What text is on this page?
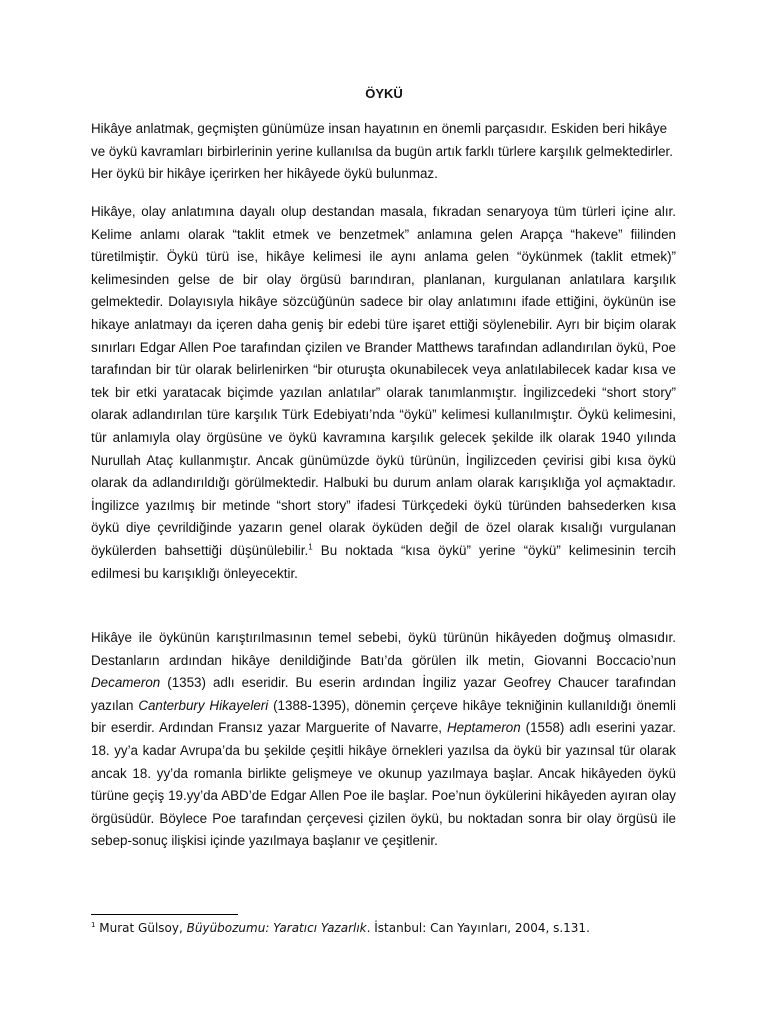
ÖYKÜ

Hikâye anlatmak, geçmişten günümüze insan hayatının en önemli parçasıdır. Eskiden beri hikâye ve öykü kavramları birbirlerinin yerine kullanılsa da bugün artık farklı türlere karşılık gelmektedirler. Her öykü bir hikâye içerirken her hikâyede öykü bulunmaz.

Hikâye, olay anlatımına dayalı olup destandan masala, fıkradan senaryoya tüm türleri içine alır. Kelime anlamı olarak “taklit etmek ve benzetmek” anlamına gelen Arapça “hakeve” fiilinden türetilmiştir. Öykü türü ise, hikâye kelimesi ile aynı anlama gelen “öykünmek (taklit etmek)” kelimesinden gelse de bir olay örgüsü barındıran, planlanan, kurgulanan anlatılara karşılık gelmektedir. Dolayısıyla hikâye sözcüğünün sadece bir olay anlatımını ifade ettiğini, öykünün ise hikaye anlatmayı da içeren daha geniş bir edebi türe işaret ettiği söylenebilir. Ayrı bir biçim olarak sınırları Edgar Allen Poe tarafından çizilen ve Brander Matthews tarafından adlandırılan öykü, Poe tarafından bir tür olarak belirlenirken “bir oturuşta okunabilecek veya anlatılabilecek kadar kısa ve tek bir etki yaratacak biçimde yazılan anlatılar” olarak tanımlanmıştır. İngilizcedeki “short story” olarak adlandırılan türe karşılık Türk Edebiyatı’nda “öykü” kelimesi kullanılmıştır. Öykü kelimesini, tür anlamıyla olay örgüsüne ve öykü kavramına karşılık gelecek şekilde ilk olarak 1940 yılında Nurullah Ataç kullanmıştır. Ancak günümüzde öykü türünün, İngilizceden çevirisi gibi kısa öykü olarak da adlandırıldığı görülmektedir. Halbuki bu durum anlam olarak karışıklığa yol açmaktadır. İngilizce yazılmış bir metinde “short story” ifadesi Türkçedeki öykü türünden bahsederken kısa öykü diye çevrildiğinde yazarın genel olarak öyküden değil de özel olarak kısalığı vurgulanan öykülerden bahsettiği düşünülebilir.$^1$ Bu noktada “kısa öykü” yerine “öykü” kelimesinin tercih edilmesi bu karışıklığı önleyecektir.

Hikâye ile öykünün karıştırılmasının temel sebebi, öykü türünün hikâyeden doğmuş olmasıdır. Destanların ardından hikâye denildiğinde Batı’da görülen ilk metin, Giovanni Boccacio’nun Decameron (1353) adlı eseridir. Bu eserin ardından İngiliz yazar Geofrey Chaucer tarafından yazılan Canterbury Hikayeleri (1388-1395), dönemin çerçeve hikâye tekniğinin kullanıldığı önemli bir eserdir. Ardından Fransız yazar Marguerite of Navarre, Heptameron (1558) adlı eserini yazar. 18. yy’a kadar Avrupa’da bu şekilde çeşitli hikâye örnekleri yazılsa da öykü bir yazınsal tür olarak ancak 18. yy’da romanla birlikte gelişmeye ve okunup yazılmaya başlar. Ancak hikâyeden öykü türüne geçiş 19.yy’da ABD’de Edgar Allen Poe ile başlar. Poe’nun öykülerini hikâyeden ayıran olay örgüsüdür. Böylece Poe tarafından çerçevesi çizilen öykü, bu noktadan sonra bir olay örgüsü ile sebep-sonuç ilişkisi içinde yazılmaya başlanır ve çeşitlenir.

$^1$ Murat Gülsoy, Büyübozumu: Yaratıcı Yazarlık. İstanbul: Can Yayınları, 2004, s.131.
